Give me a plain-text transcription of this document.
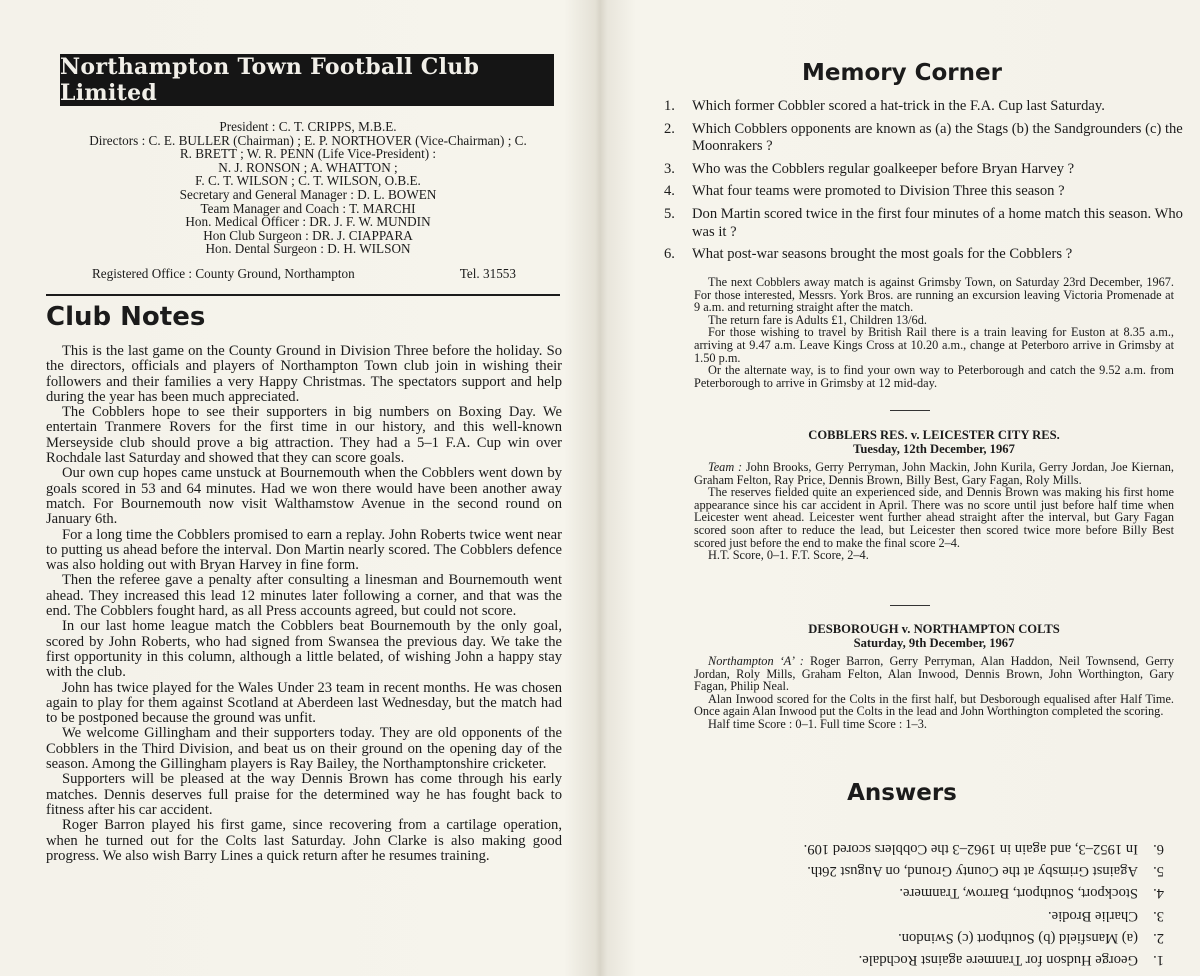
Northampton Town Football Club Limited
President : C. T. CRIPPS, M.B.E.
Directors : C. E. BULLER (Chairman) ; E. P. NORTHOVER (Vice-Chairman) ; C. R. BRETT ; W. R. PENN (Life Vice-President) :
N. J. RONSON ; A. WHATTON ;
F. C. T. WILSON ; C. T. WILSON, O.B.E.
Secretary and General Manager : D. L. BOWEN
Team Manager and Coach : T. MARCHI
Hon. Medical Officer : DR. J. F. W. MUNDIN
Hon Club Surgeon : DR. J. CIAPPARA
Hon. Dental Surgeon : D. H. WILSON
Registered Office : County Ground, Northampton	Tel. 31553
Club Notes

This is the last game on the County Ground in Division Three before the holiday. So the directors, officials and players of Northampton Town club join in wishing their followers and their families a very Happy Christmas. The spectators support and help during the year has been much appreciated.

The Cobblers hope to see their supporters in big numbers on Boxing Day. We entertain Tranmere Rovers for the first time in our history, and this well-known Merseyside club should prove a big attraction. They had a 5–1 F.A. Cup win over Rochdale last Saturday and showed that they can score goals.

Our own cup hopes came unstuck at Bournemouth when the Cobblers went down by goals scored in 53 and 64 minutes. Had we won there would have been another away match. For Bournemouth now visit Walthamstow Avenue in the second round on January 6th.

For a long time the Cobblers promised to earn a replay. John Roberts twice went near to putting us ahead before the interval. Don Martin nearly scored. The Cobblers defence was also holding out with Bryan Harvey in fine form.

Then the referee gave a penalty after consulting a linesman and Bournemouth went ahead. They increased this lead 12 minutes later following a corner, and that was the end. The Cobblers fought hard, as all Press accounts agreed, but could not score.

In our last home league match the Cobblers beat Bournemouth by the only goal, scored by John Roberts, who had signed from Swansea the previous day. We take the first opportunity in this column, although a little belated, of wishing John a happy stay with the club.

John has twice played for the Wales Under 23 team in recent months. He was chosen again to play for them against Scotland at Aberdeen last Wednesday, but the match had to be postponed because the ground was unfit.

We welcome Gillingham and their supporters today. They are old opponents of the Cobblers in the Third Division, and beat us on their ground on the opening day of the season. Among the Gillingham players is Ray Bailey, the Northamptonshire cricketer.

Supporters will be pleased at the way Dennis Brown has come through his early matches. Dennis deserves full praise for the determined way he has fought back to fitness after his car accident.

Roger Barron played his first game, since recovering from a cartilage operation, when he turned out for the Colts last Saturday. John Clarke is also making good progress. We also wish Barry Lines a quick return after he resumes training.

Memory Corner
1.	Which former Cobbler scored a hat-trick in the F.A. Cup last Saturday.
2.	Which Cobblers opponents are known as (a) the Stags (b) the Sandgrounders (c) the Moonrakers ?
3.	Who was the Cobblers regular goalkeeper before Bryan Harvey ?
4.	What four teams were promoted to Division Three this season ?
5.	Don Martin scored twice in the first four minutes of a home match this season. Who was it ?
6.	What post-war seasons brought the most goals for the Cobblers ?

The next Cobblers away match is against Grimsby Town, on Saturday 23rd December, 1967. For those interested, Messrs. York Bros. are running an excursion leaving Victoria Promenade at 9 a.m. and returning straight after the match.

The return fare is Adults £1, Children 13/6d.

For those wishing to travel by British Rail there is a train leaving for Euston at 8.35 a.m., arriving at 9.47 a.m. Leave Kings Cross at 10.20 a.m., change at Peterboro arrive in Grimsby at 1.50 p.m.

Or the alternate way, is to find your own way to Peterborough and catch the 9.52 a.m. from Peterborough to arrive in Grimsby at 12 mid-day.

COBBLERS RES. v. LEICESTER CITY RES.
Tuesday, 12th December, 1967

Team : John Brooks, Gerry Perryman, John Mackin, John Kurila, Gerry Jordan, Joe Kiernan, Graham Felton, Ray Price, Dennis Brown, Billy Best, Gary Fagan, Roly Mills.

The reserves fielded quite an experienced side, and Dennis Brown was making his first home appearance since his car accident in April. There was no score until just before half time when Leicester went ahead. Leicester went further ahead straight after the interval, but Gary Fagan scored soon after to reduce the lead, but Leicester then scored twice more before Billy Best scored just before the end to make the final score 2–4.

H.T. Score, 0–1. F.T. Score, 2–4.

DESBOROUGH v. NORTHAMPTON COLTS
Saturday, 9th December, 1967

Northampton ‘A’ : Roger Barron, Gerry Perryman, Alan Haddon, Neil Townsend, Gerry Jordan, Roly Mills, Graham Felton, Alan Inwood, Dennis Brown, John Worthington, Gary Fagan, Philip Neal.

Alan Inwood scored for the Colts in the first half, but Desborough equalised after Half Time. Once again Alan Inwood put the Colts in the lead and John Worthington completed the scoring.

Half time Score : 0–1. Full time Score : 1–3.

Answers
1.
George Hudson for Tranmere against Rochdale.
2.
(a) Mansfield (b) Southport (c) Swindon.
3.
Charlie Brodie.
4.
Stockport, Southport, Barrow, Tranmere.
5.
Against Grimsby at the County Ground, on August 26th.
6.
In 1952–3, and again in 1962–3 the Cobblers scored 109.
